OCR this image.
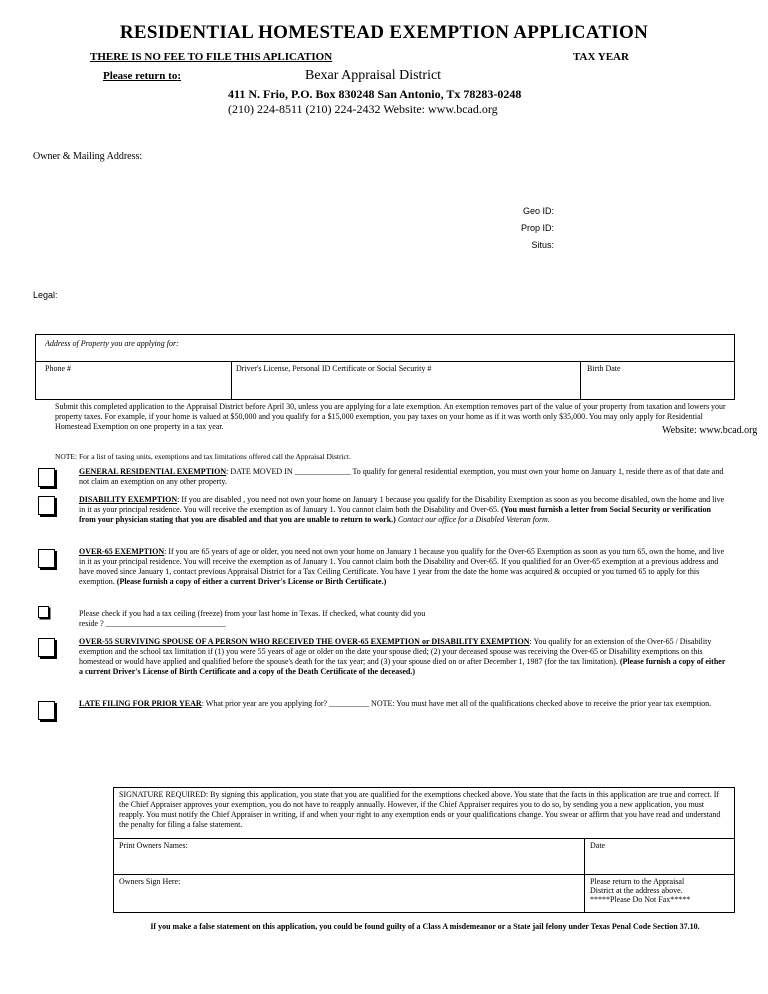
RESIDENTIAL HOMESTEAD EXEMPTION APPLICATION
THERE IS NO FEE TO FILE THIS APLICATION	TAX YEAR
Please return to:	Bexar Appraisal District
411 N. Frio, P.O. Box 830248 San Antonio, Tx 78283-0248
(210) 224-8511 (210) 224-2432 Website: www.bcad.org
Owner & Mailing Address:
Geo ID:
Prop ID:
Situs:
Legal:
Address of Property you are applying for:
Phone #	Driver's License, Personal ID Certificate or Social Security #	Birth Date
Submit this completed application to the Appraisal District before April 30, unless you are applying for a late exemption. An exemption removes part of the value of your property from taxation and lowers your property taxes. For example, if your home is valued at $50,000 and you qualify for a $15,000 exemption, you pay taxes on your home as if it was worth only $35,000. You may only apply for Residential Homestead Exemption on one property in a tax year.
NOTE: For a list of taxing units, exemptions and tax limitations offered call the Appraisal District.
Website: www.bcad.org
GENERAL RESIDENTIAL EXEMPTION: DATE MOVED IN ______________ To qualify for general residential exemption, you must own your home on January 1, reside there as of that date and not claim an exemption on any other property.
DISABILITY EXEMPTION: If you are disabled , you need not own your home on January 1 because you qualify for the Disability Exemption as soon as you become disabled, own the home and live in it as your principal residence. You will receive the exemption as of January 1. You cannot claim both the Disability and Over-65. (You must furnish a letter from Social Security or verification from your physician stating that you are disabled and that you are unable to return to work.) Contact our office for a Disabled Veteran form.
OVER-65 EXEMPTION: If you are 65 years of age or older, you need not own your home on January 1 because you qualify for the Over-65 Exemption as soon as you turn 65, own the home, and live in it as your principal residence. You will receive the exemption as of January 1. You cannot claim both the Disability and Over-65. If you qualified for an Over-65 exemption at a previous address and have moved since January 1, contact previous Appraisal District for a Tax Ceiling Certificate. You have 1 year from the date the home was acquired & occupied or you turned 65 to apply for this exemption. (Please furnish a copy of either a current Driver's License or Birth Certificate.)
Please check if you had a tax ceiling (freeze) from your last home in Texas. If checked, what county did you
reside ? ______________________________
OVER-55 SURVIVING SPOUSE OF A PERSON WHO RECEIVED THE OVER-65 EXEMPTION or DISABILITY EXEMPTION: You qualify for an extension of the Over-65 / Disability exemption and the school tax limitation if (1) you were 55 years of age or older on the date your spouse died; (2) your deceased spouse was receiving the Over-65 or Disability exemptions on this homestead or would have applied and qualified before the spouse's death for the tax year; and (3) your spouse died on or after December 1, 1987 (for the tax limitation). (Please furnish a copy of either a current Driver's License of Birth Certificate and a copy of the Death Certificate of the deceased.)
LATE FILING FOR PRIOR YEAR: What prior year are you applying for? __________ NOTE: You must have met all of the qualifications checked above to receive the prior year tax exemption.
SIGNATURE REQUIRED: By signing this application, you state that you are qualified for the exemptions checked above. You state that the facts in this application are true and correct. If the Chief Appraiser approves your exemption, you do not have to reapply annually. However, if the Chief Appraiser requires you to do so, by sending you a new application, you must reapply. You must notify the Chief Appraiser in writing, if and when your right to any exemption ends or your qualifications change. You swear or affirm that you have read and understand the penalty for filing a false statement.	
Print Owners Names:	Date
Owners Sign Here:	Please return to the Appraisal
District at the address above.
*****Please Do Not Fax*****
If you make a false statement on this application, you could be found guilty of a Class A misdemeanor or a State jail felony under Texas Penal Code Section 37.10.
